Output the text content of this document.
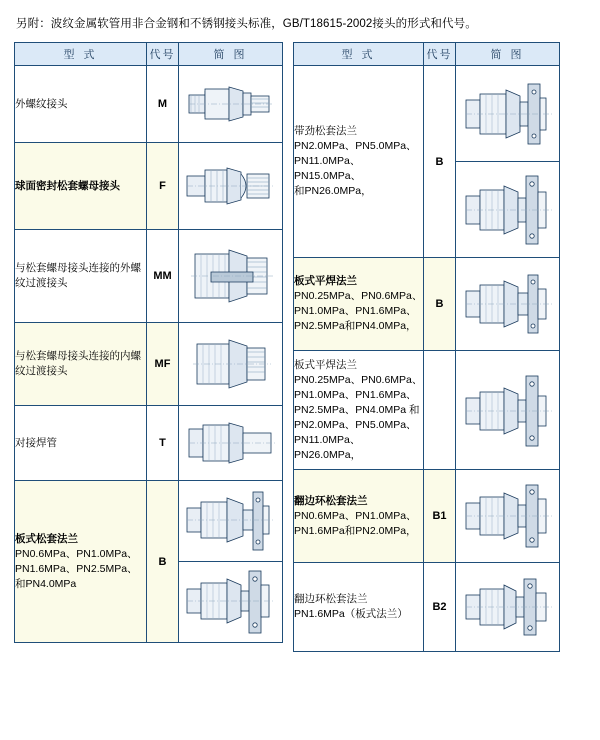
另附：波纹金属软管用非合金钢和不锈钢接头标准，GB/T18615-2002接头的形式和代号。
型 式	代号	简 图
外螺纹接头	M	

球面密封松套螺母接头	F	

与松套螺母接头连接的外螺纹过渡接头	MM	

与松套螺母接头连接的内螺纹过渡接头	MF	

对接焊管	T	

板式松套法兰
PN0.6MPa、PN1.0MPa、
PN1.6MPa、PN2.5MPa、
和PN4.0MPa	B	

型 式	代号	简 图

带劲松套法兰
PN2.0MPa、PN5.0MPa、
PN11.0MPa、PN15.0MPa、
和PN26.0MPa，	B	

板式平焊法兰
PN0.25MPa、PN0.6MPa、
PN1.0MPa、PN1.6MPa、
PN2.5MPa和PN4.0MPa，	B	

板式平焊法兰
PN0.25MPa、PN0.6MPa、
PN1.0MPa、PN1.6MPa、
PN2.5MPa、PN4.0MPa 和
PN2.0MPa、PN5.0MPa、
PN11.0MPa、PN26.0MPa，

翻边环松套法兰
PN0.6MPa、PN1.0MPa、
PN1.6MPa和PN2.0MPa，	B1	

翻边环松套法兰
PN1.6MPa（板式法兰）	B2	
